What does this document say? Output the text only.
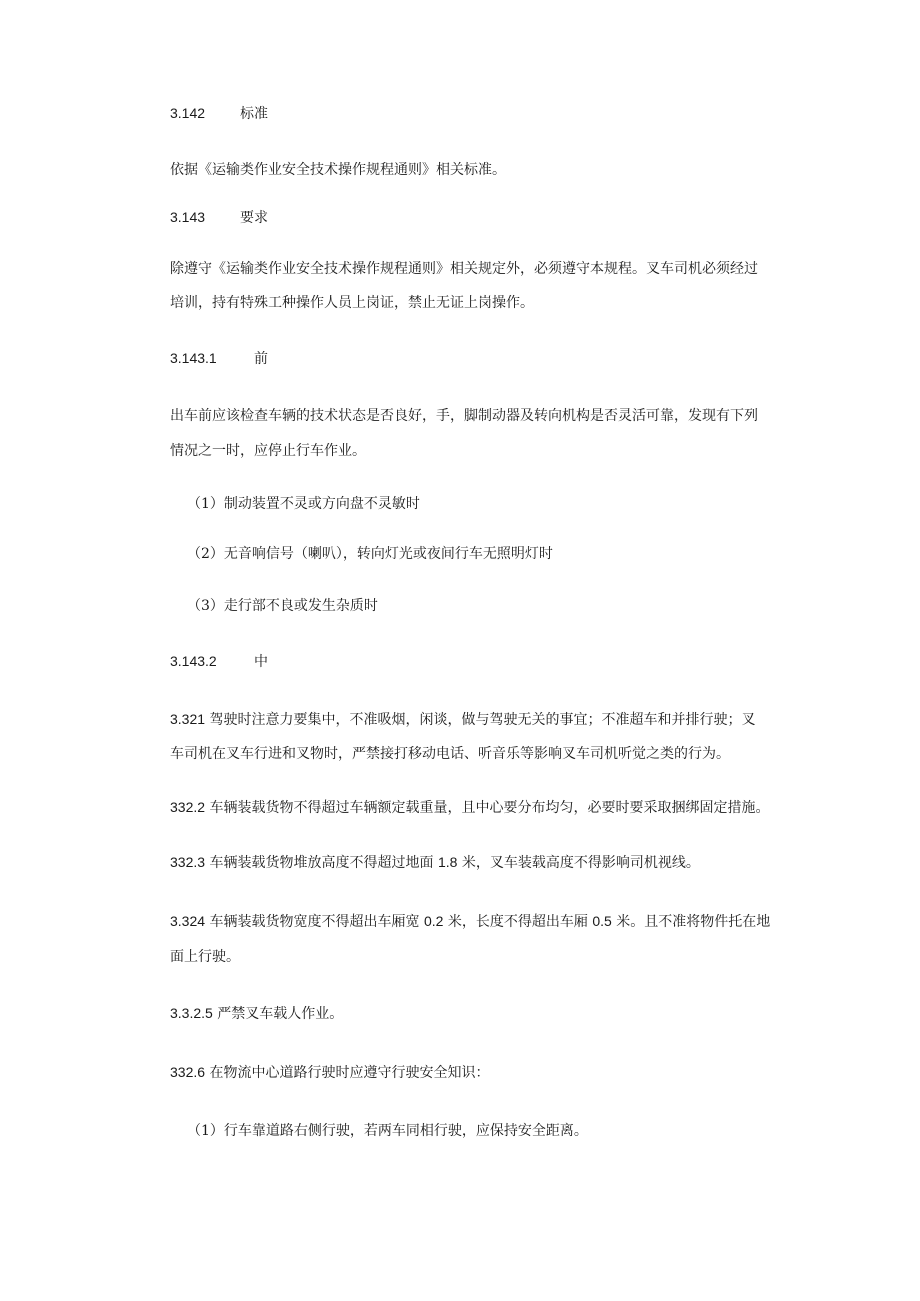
3.142 标准
依据《运输类作业安全技术操作规程通则》相关标准。
3.143 要求
除遵守《运输类作业安全技术操作规程通则》相关规定外，必须遵守本规程。叉车司机必须经过
培训，持有特殊工种操作人员上岗证，禁止无证上岗操作。
3.143.1	前
出车前应该检查车辆的技术状态是否良好，手，脚制动器及转向机构是否灵活可靠，发现有下列
情况之一时，应停止行车作业。
（1）制动装置不灵或方向盘不灵敏时
（2）无音响信号（喇叭），转向灯光或夜间行车无照明灯时
（3）走行部不良或发生杂质时
3.143.2	中
3.321 驾驶时注意力要集中，不准吸烟，闲谈，做与驾驶无关的事宜；不准超车和并排行驶；叉
车司机在叉车行进和叉物时，严禁接打移动电话、听音乐等影响叉车司机听觉之类的行为。
332.2 车辆装载货物不得超过车辆额定载重量，且中心要分布均匀，必要时要采取捆绑固定措施。
332.3 车辆装载货物堆放高度不得超过地面 1.8 米，叉车装载高度不得影响司机视线。
3.324 车辆装载货物宽度不得超出车厢宽 0.2 米，长度不得超出车厢 0.5 米。且不准将物件托在地
面上行驶。
3.3.2.5 严禁叉车载人作业。
332.6 在物流中心道路行驶时应遵守行驶安全知识：
（1）行车靠道路右侧行驶，若两车同相行驶，应保持安全距离。
